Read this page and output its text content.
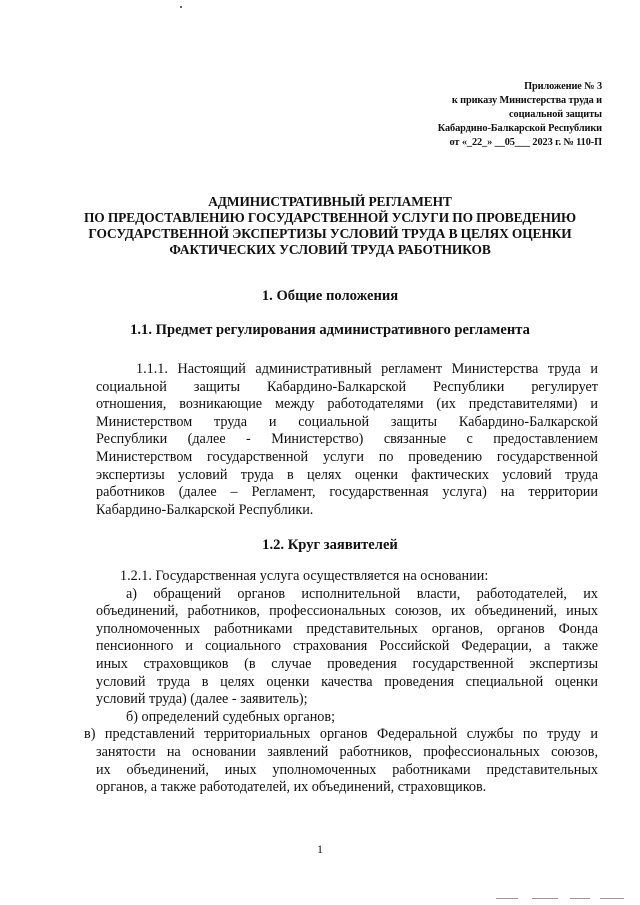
Приложение № 3
к приказу Министерства труда и
социальной защиты
Кабардино-Балкарской Республики
от «_22_» __05___ 2023 г. № 110-П
АДМИНИСТРАТИВНЫЙ РЕГЛАМЕНТ
ПО ПРЕДОСТАВЛЕНИЮ ГОСУДАРСТВЕННОЙ УСЛУГИ ПО ПРОВЕДЕНИЮ
ГОСУДАРСТВЕННОЙ ЭКСПЕРТИЗЫ УСЛОВИЙ ТРУДА В ЦЕЛЯХ ОЦЕНКИ
ФАКТИЧЕСКИХ УСЛОВИЙ ТРУДА РАБОТНИКОВ
1. Общие положения
1.1. Предмет регулирования административного регламента
1.1.1. Настоящий административный регламент Министерства труда и
социальной защиты Кабардино-Балкарской Республики регулирует
отношения, возникающие между работодателями (их представителями) и
Министерством труда и социальной защиты Кабардино-Балкарской
Республики (далее - Министерство) связанные с предоставлением
Министерством государственной услуги по проведению государственной
экспертизы условий труда в целях оценки фактических условий труда
работников (далее – Регламент, государственная услуга) на территории
Кабардино-Балкарской Республики.
1.2. Круг заявителей
1.2.1. Государственная услуга осуществляется на основании:
а) обращений органов исполнительной власти, работодателей, их
объединений, работников, профессиональных союзов, их объединений, иных
уполномоченных работниками представительных органов, органов Фонда
пенсионного и социального страхования Российской Федерации, а также
иных страховщиков (в случае проведения государственной экспертизы
условий труда в целях оценки качества проведения специальной оценки
условий труда) (далее - заявитель);
б) определений судебных органов;
в) представлений территориальных органов Федеральной службы по труду и
занятости на основании заявлений работников, профессиональных союзов,
их объединений, иных уполномоченных работниками представительных
органов, а также работодателей, их объединений, страховщиков.
1
